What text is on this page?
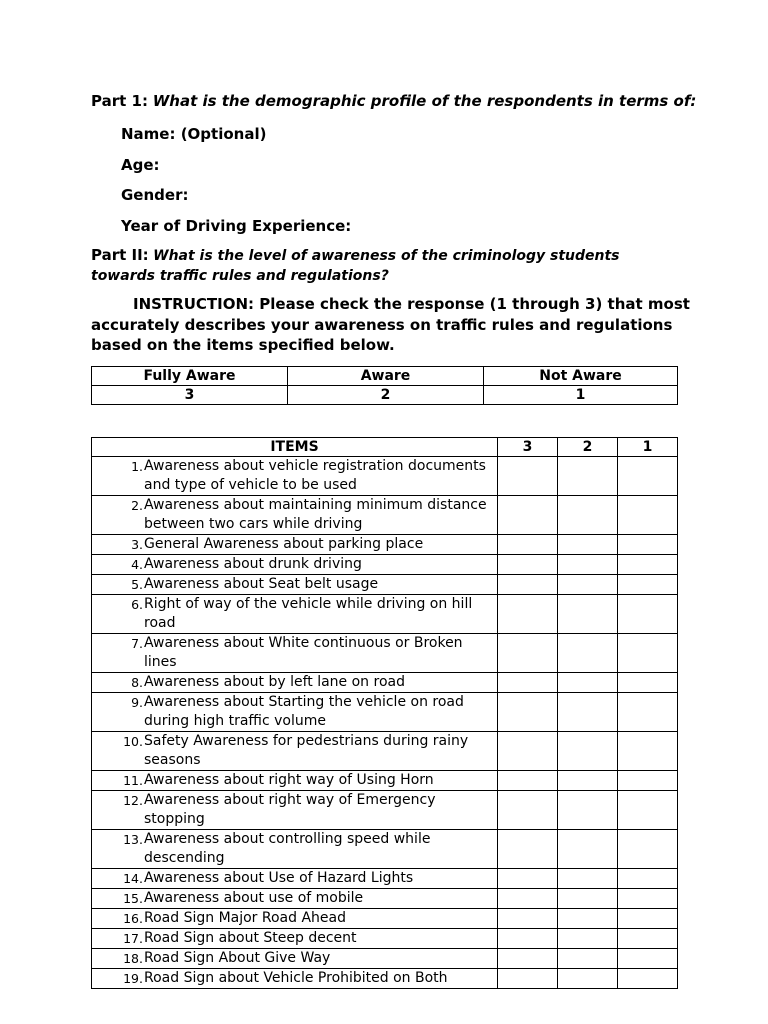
Part 1: What is the demographic profile of the respondents in terms of:
Name: (Optional)
Age:
Gender:
Year of Driving Experience:
Part II: What is the level of awareness of the criminology students towards traffic rules and regulations?
INSTRUCTION: Please check the response (1 through 3) that most accurately describes your awareness on traffic rules and regulations based on the items specified below.
Fully Aware	Aware	Not Aware
3	2	1
ITEMS	3	2	1

1. Awareness about vehicle registration documents and type of vehicle to be used			

2. Awareness about maintaining minimum distance between two cars while driving			

3. General Awareness about parking place			

4. Awareness about drunk driving			

5. Awareness about Seat belt usage			

6. Right of way of the vehicle while driving on hill road			

7. Awareness about White continuous or Broken lines			

8. Awareness about by left lane on road			

9. Awareness about Starting the vehicle on road during high traffic volume			

10. Safety Awareness for pedestrians during rainy seasons			

11. Awareness about right way of Using Horn			

12. Awareness about right way of Emergency stopping			

13. Awareness about controlling speed while descending			

14. Awareness about Use of Hazard Lights			

15. Awareness about use of mobile			

16. Road Sign Major Road Ahead			

17. Road Sign about Steep decent			

18. Road Sign About Give Way			

19. Road Sign about Vehicle Prohibited on Both			
